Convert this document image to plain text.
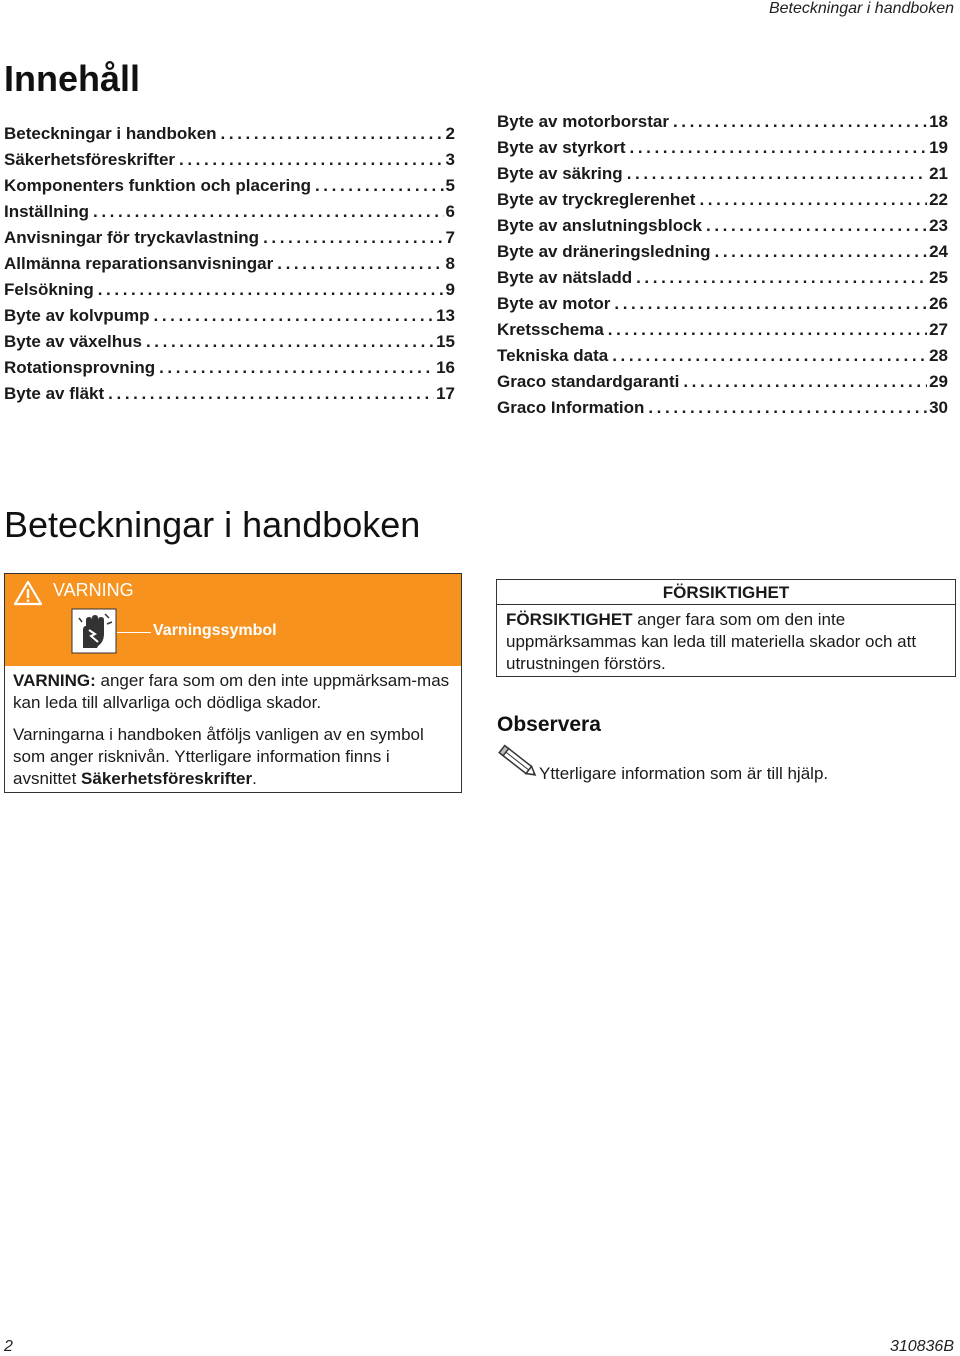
Beteckningar i handboken
Innehåll
Beteckningar i handboken .....	2
Säkerhetsföreskrifter .....	3
Komponenters funktion och placering .....	5
Inställning .....	6
Anvisningar för tryckavlastning .....	7
Allmänna reparationsanvisningar .....	8
Felsökning .....	9
Byte av kolvpump .....	13
Byte av växelhus .....	15
Rotationsprovning .....	16
Byte av fläkt .....	17
Byte av motorborstar .....	18
Byte av styrkort .....	19
Byte av säkring .....	21
Byte av tryckreglerenhet .....	22
Byte av anslutningsblock .....	23
Byte av dräneringsledning .....	24
Byte av nätsladd .....	25
Byte av motor .....	26
Kretsschema .....	27
Tekniska data .....	28
Graco standardgaranti .....	29
Graco Information .....	30
Beteckningar i handboken
VARNING
Varningssymbol

VARNING: anger fara som om den inte uppmärksam-mas kan leda till allvarliga och dödliga skador.

Varningarna i handboken åtföljs vanligen av en symbol som anger risknivån. Ytterligare information finns i avsnittet Säkerhetsföreskrifter.

FÖRSIKTIGHET
FÖRSIKTIGHET anger fara som om den inte uppmärksammas kan leda till materiella skador och att utrustningen förstörs.
Observera
Ytterligare information som är till hjälp.
2	310836B
